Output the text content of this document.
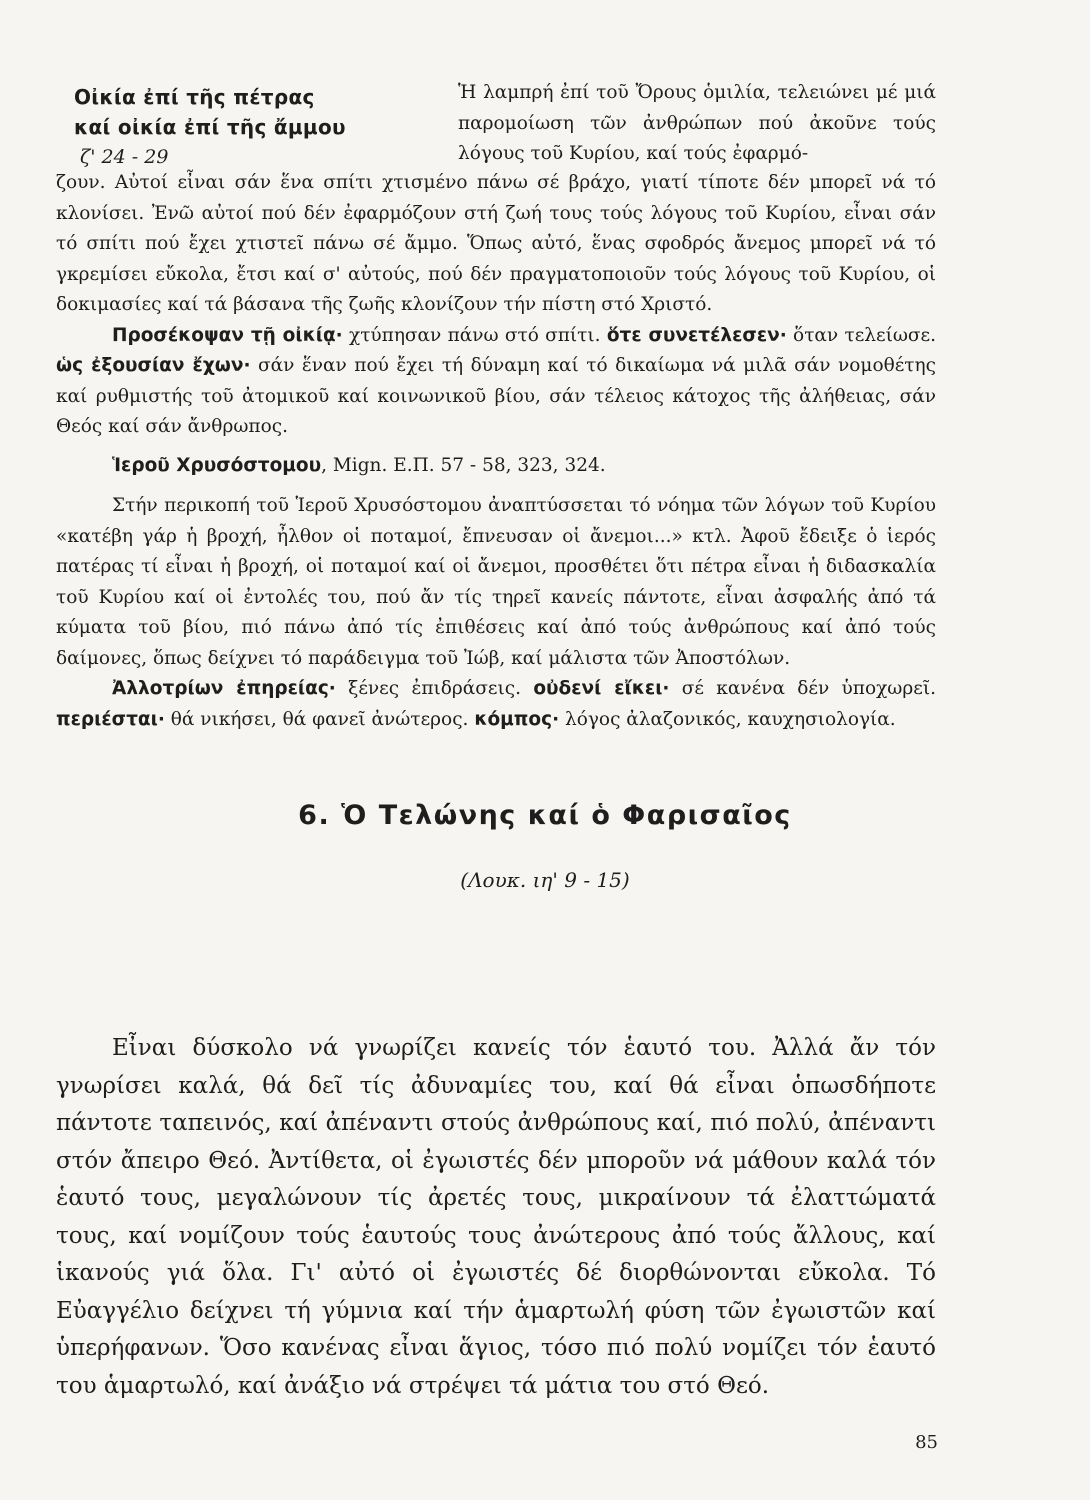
Οἰκία ἐπί τῆς πέτρας
καί οἰκία ἐπί τῆς ἄμμου
ζ' 24 - 29
Ἡ λαμπρή ἐπί τοῦ Ὄρους ὁμιλία, τελειώνει μέ μιά παρομοίωση τῶν ἀνθρώπων πού ἀκοῦνε τούς λόγους τοῦ Κυρίου, καί τούς ἐφαρμό-

ζουν. Αὐτοί εἶναι σάν ἕνα σπίτι χτισμένο πάνω σέ βράχο, γιατί τίποτε δέν μπορεῖ νά τό κλονίσει. Ἐνῶ αὐτοί πού δέν ἐφαρμόζουν στή ζωή τους τούς λόγους τοῦ Κυρίου, εἶναι σάν τό σπίτι πού ἔχει χτιστεῖ πάνω σέ ἄμμο. Ὅπως αὐτό, ἕνας σφοδρός ἄνεμος μπορεῖ νά τό γκρεμίσει εὔκολα, ἔτσι καί σ' αὐτούς, πού δέν πραγματοποιοῦν τούς λόγους τοῦ Κυρίου, οἱ δοκιμασίες καί τά βάσανα τῆς ζωῆς κλονίζουν τήν πίστη στό Χριστό.

Προσέκοψαν τῇ οἰκίᾳ· χτύπησαν πάνω στό σπίτι. ὅτε συνετέλεσεν· ὅταν τελείωσε. ὡς ἐξουσίαν ἔχων· σάν ἕναν πού ἔχει τή δύναμη καί τό δικαίωμα νά μιλᾶ σάν νομοθέτης καί ρυθμιστής τοῦ ἀτομικοῦ καί κοινωνικοῦ βίου, σάν τέλειος κάτοχος τῆς ἀλήθειας, σάν Θεός καί σάν ἄνθρωπος.

Ἱεροῦ Χρυσόστομου, Mign. Ε.Π. 57 - 58, 323, 324.

Στήν περικοπή τοῦ Ἱεροῦ Χρυσόστομου ἀναπτύσσεται τό νόημα τῶν λόγων τοῦ Κυρίου «κατέβη γάρ ἡ βροχή, ἦλθον οἱ ποταμοί, ἔπνευσαν οἱ ἄνεμοι...» κτλ. Ἀφοῦ ἔδειξε ὁ ἱερός πατέρας τί εἶναι ἡ βροχή, οἱ ποταμοί καί οἱ ἄνεμοι, προσθέτει ὅτι πέτρα εἶναι ἡ διδασκαλία τοῦ Κυρίου καί οἱ ἐντολές του, πού ἄν τίς τηρεῖ κανείς πάντοτε, εἶναι ἀσφαλής ἀπό τά κύματα τοῦ βίου, πιό πάνω ἀπό τίς ἐπιθέσεις καί ἀπό τούς ἀνθρώπους καί ἀπό τούς δαίμονες, ὅπως δείχνει τό παράδειγμα τοῦ Ἰώβ, καί μάλιστα τῶν Ἀποστόλων.

Ἀλλοτρίων ἐπηρείας· ξένες ἐπιδράσεις. οὐδενί εἴκει· σέ κανένα δέν ὑποχωρεῖ. περιέσται· θά νικήσει, θά φανεῖ ἀνώτερος. κόμπος· λόγος ἀλαζονικός, καυχησιολογία.

6. Ὁ Τελώνης καί ὁ Φαρισαῖος
(Λουκ. ιη' 9 - 15)

Εἶναι δύσκολο νά γνωρίζει κανείς τόν ἑαυτό του. Ἀλλά ἄν τόν γνωρίσει καλά, θά δεῖ τίς ἀδυναμίες του, καί θά εἶναι ὁπωσδήποτε πάντοτε ταπεινός, καί ἀπέναντι στούς ἀνθρώπους καί, πιό πολύ, ἀπέναντι στόν ἄπειρο Θεό. Ἀντίθετα, οἱ ἐγωιστές δέν μποροῦν νά μάθουν καλά τόν ἑαυτό τους, μεγαλώνουν τίς ἀρετές τους, μικραίνουν τά ἐλαττώματά τους, καί νομίζουν τούς ἑαυτούς τους ἀνώτερους ἀπό τούς ἄλλους, καί ἱκανούς γιά ὅλα. Γι' αὐτό οἱ ἐγωιστές δέ διορθώνονται εὔκολα. Τό Εὐαγγέλιο δείχνει τή γύμνια καί τήν ἁμαρτωλή φύση τῶν ἐγωιστῶν καί ὑπερήφανων. Ὅσο κανένας εἶναι ἅγιος, τόσο πιό πολύ νομίζει τόν ἑαυτό του ἁμαρτωλό, καί ἀνάξιο νά στρέψει τά μάτια του στό Θεό.

85
